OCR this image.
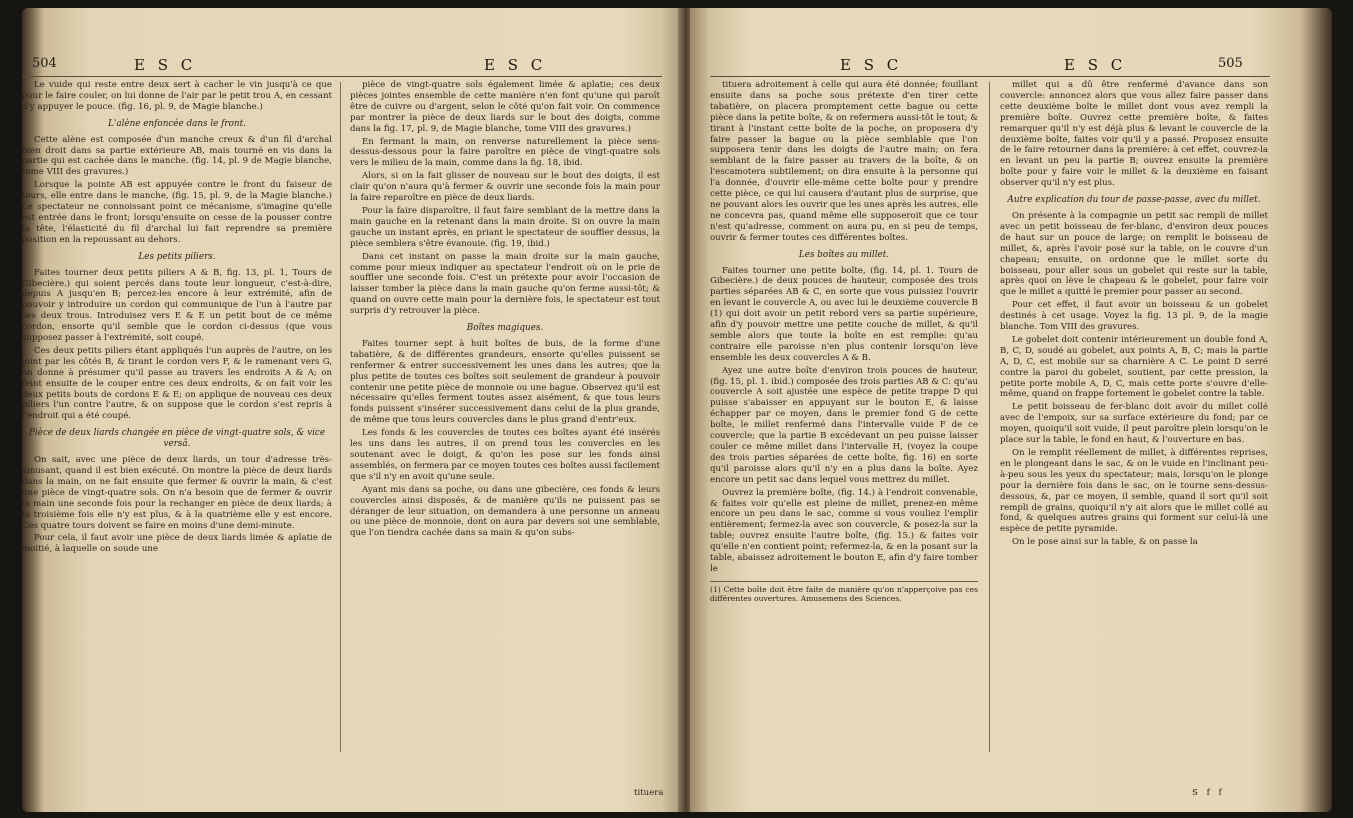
504	E S C	E S C

Le vuide qui reste entre deux sert à cacher le vin jusqu'à ce que pour le faire couler, on lui donne de l'air par le petit trou A, en cessant d'y appuyer le pouce. (fig. 16, pl. 9, de Magie blanche.)

L'alène enfoncée dans le front.

Cette alène est composée d'un manche creux & d'un fil d'archal bien droit dans sa partie extérieure AB, mais tourné en vis dans la partie qui est cachée dans le manche. (fig. 14, pl. 9 de Magie blanche, tome VIII des gravures.)

Lorsque la pointe AB est appuyée contre le front du faiseur de tours, elle entre dans le manche, (fig. 15, pl. 9, de la Magie blanche.) Le spectateur ne connoissant point ce mécanisme, s'imagine qu'elle est entrée dans le front; lorsqu'ensuite on cesse de la pousser contre la tête, l'élasticité du fil d'archal lui fait reprendre sa première position en la repoussant au dehors.

Les petits piliers.

Faites tourner deux petits piliers A & B, fig. 13, pl. 1, Tours de Gibecière.) qui soient percés dans toute leur longueur, c'est-à-dire, depuis A jusqu'en B; percez-les encore à leur extrémité, afin de pouvoir y introduire un cordon qui communique de l'un à l'autre par ses deux trous. Introduisez vers E & E un petit bout de ce même cordon, ensorte qu'il semble que le cordon ci-dessus (que vous supposez passer à l'extrémité, soit coupé.

Ces deux petits piliers étant appliqués l'un auprès de l'autre, on les joint par les côtés B, & tirant le cordon vers F, & le ramenant vers G, on donne à présumer qu'il passe au travers les endroits A & A; on feint ensuite de le couper entre ces deux endroits, & on fait voir les deux petits bouts de cordons E & E; on applique de nouveau ces deux piliers l'un contre l'autre, & on suppose que le cordon s'est repris à l'endroit qui a été coupé.

Pièce de deux liards changée en pièce de vingt-quatre sols, & vice versâ.

On sait, avec une pièce de deux liards, un tour d'adresse très-amusant, quand il est bien exécuté. On montre la pièce de deux liards dans la main, on ne fait ensuite que fermer & ouvrir la main, & c'est une pièce de vingt-quatre sols. On n'a besoin que de fermer & ouvrir la main une seconde fois pour la rechanger en pièce de deux liards; à la troisième fois elle n'y est plus, & à la quatrième elle y est encore. Ces quatre tours doivent se faire en moins d'une demi-minute.

Pour cela, il faut avoir une pièce de deux liards limée & aplatie de moitié, à laquelle on soude une

pièce de vingt-quatre sols également limée & aplatie; ces deux pièces jointes ensemble de cette manière n'en font qu'une qui paroît être de cuivre ou d'argent, selon le côté qu'on fait voir. On commence par montrer la pièce de deux liards sur le bout des doigts, comme dans la fig. 17, pl. 9, de Magie blanche, tome VIII des gravures.)

En fermant la main, on renverse naturellement la pièce sens-dessus-dessous pour la faire paroître en pièce de vingt-quatre sols vers le milieu de la main, comme dans la fig. 18, ibid.

Alors, si on la fait glisser de nouveau sur le bout des doigts, il est clair qu'on n'aura qu'à fermer & ouvrir une seconde fois la main pour la faire reparoître en pièce de deux liards.

Pour la faire disparoître, il faut faire semblant de la mettre dans la main gauche en la retenant dans la main droite. Si on ouvre la main gauche un instant après, en priant le spectateur de souffler dessus, la pièce semblera s'être évanouie. (fig. 19, ibid.)

Dans cet instant on passe la main droite sur la main gauche, comme pour mieux indiquer au spectateur l'endroit où on le prie de souffler une seconde fois. C'est un prétexte pour avoir l'occasion de laisser tomber la pièce dans la main gauche qu'on ferme aussi-tôt; & quand on ouvre cette main pour la dernière fois, le spectateur est tout surpris d'y retrouver la pièce.

Boîtes magiques.

Faites tourner sept à huit boîtes de buis, de la forme d'une tabatière, & de différentes grandeurs, ensorte qu'elles puissent se renfermer & entrer successivement les unes dans les autres; que la plus petite de toutes ces boîtes soit seulement de grandeur à pouvoir contenir une petite pièce de monnoie ou une bague. Observez qu'il est nécessaire qu'elles ferment toutes assez aisément, & que tous leurs fonds puissent s'insérer successivement dans celui de la plus grande, de même que tous leurs couvercles dans le plus grand d'entr'eux.

Les fonds & les couvercles de toutes ces boîtes ayant été insérés les uns dans les autres, il on prend tous les couvercles en les soutenant avec le doigt, & qu'on les pose sur les fonds ainsi assemblés, on fermera par ce moyen toutes ces boîtes aussi facilement que s'il n'y en avoit qu'une seule.

Ayant mis dans sa poche, ou dans une gibecière, ces fonds & leurs couvercles ainsi disposés, & de manière qu'ils ne puissent pas se déranger de leur situation, on demandera à une personne un anneau ou une pièce de monnoie, dont on aura par devers soi une semblable, que l'on tiendra cachée dans sa main & qu'on subs-

tituera
E S C	E S C	505

tituera adroitement à celle qui aura été donnée; fouillant ensuite dans sa poche sous prétexte d'en tirer cette tabatière, on placera promptement cette bague ou cette pièce dans la petite boîte, & on refermera aussi-tôt le tout; & tirant à l'instant cette boîte de la poche, on proposera d'y faire passer la bague ou la pièce semblable que l'on supposera tenir dans les doigts de l'autre main; on fera semblant de la faire passer au travers de la boîte, & on l'escamotera subtilement; on dira ensuite à la personne qui l'a donnée, d'ouvrir elle-même cette boîte pour y prendre cette pièce, ce qui lui causera d'autant plus de surprise, que ne pouvant alors les ouvrir que les unes après les autres, elle ne concevra pas, quand même elle supposeroit que ce tour n'est qu'adresse, comment on aura pu, en si peu de temps, ouvrir & fermer toutes ces différentes boîtes.

Les boîtes au millet.

Faites tourner une petite boîte, (fig. 14, pl. 1. Tours de Gibecière.) de deux pouces de hauteur, composée des trois parties séparées AB & C, en sorte que vous puissiez l'ouvrir en levant le couvercle A, ou avec lui le deuxième couvercle B (1) qui doit avoir un petit rebord vers sa partie supérieure, afin d'y pouvoir mettre une petite couche de millet, & qu'il semble alors que toute la boîte en est remplie: qu'au contraire elle paroisse n'en plus contenir lorsqu'on lève ensemble les deux couvercles A & B.

Ayez une autre boîte d'environ trois pouces de hauteur, (fig. 15, pl. 1. ibid.) composée des trois parties AB & C: qu'au couvercle A soit ajustée une espèce de petite trappe D qui puisse s'abaisser en appuyant sur le bouton E, & laisse échapper par ce moyen, dans le premier fond G de cette boîte, le millet renfermé dans l'intervalle vuide F de ce couvercle; que la partie B excédevant un peu puisse laisser couler ce même millet dans l'intervalle H, (voyez la coupe des trois parties séparées de cette boîte, fig. 16) en sorte qu'il paroisse alors qu'il n'y en a plus dans la boîte. Ayez encore un petit sac dans lequel vous mettrez du millet.

Ouvrez la première boîte, (fig. 14.) à l'endroit convenable, & faites voir qu'elle est pleine de millet, prenez-en même encore un peu dans le sac, comme si vous vouliez l'emplir entièrement; fermez-la avec son couvercle, & posez-la sur la table; ouvrez ensuite l'autre boîte, (fig. 15.) & faites voir qu'elle n'en contient point; refermez-la, & en la posant sur la table, abaissez adroitement le bouton E, afin d'y faire tomber le

(1) Cette boîte doit être faite de manière qu'on n'apperçoive pas ces différentes ouvertures. Amusemens des Sciences.

millet qui a dû être renfermé d'avance dans son couvercle: annoncez alors que vous allez faire passer dans cette deuxième boîte le millet dont vous avez rempli la première boîte. Ouvrez cette première boîte, & faites remarquer qu'il n'y est déjà plus & levant le couvercle de la deuxième boîte, faites voir qu'il y a passé. Proposez ensuite de le faire retourner dans la première: à cet effet, couvrez-la en levant un peu la partie B; ouvrez ensuite la première boîte pour y faire voir le millet & la deuxième en faisant observer qu'il n'y est plus.

Autre explication du tour de passe-passe, avec du millet.

On présente à la compagnie un petit sac rempli de millet avec un petit boisseau de fer-blanc, d'environ deux pouces de haut sur un pouce de large; on remplit le boisseau de millet, &, après l'avoir posé sur la table, on le couvre d'un chapeau; ensuite, on ordonne que le millet sorte du boisseau, pour aller sous un gobelet qui reste sur la table, après quoi on lève le chapeau & le gobelet, pour faire voir que le millet a quitté le premier pour passer au second.

Pour cet effet, il faut avoir un boisseau & un gobelet destinés à cet usage. Voyez la fig. 13 pl. 9, de la magie blanche. Tom VIII des gravures.

Le gobelet doit contenir intérieurement un double fond A, B, C, D, soudé au gobelet, aux points A, B, C; mais la partie A, D, C, est mobile sur sa charnière A C. Le point D serré contre la paroi du gobelet, soutient, par cette pression, la petite porte mobile A, D, C, mais cette porte s'ouvre d'elle-même, quand on frappe fortement le gobelet contre la table.

Le petit boisseau de fer-blanc doit avoir du millet collé avec de l'empoix, sur sa surface extérieure du fond; par ce moyen, quoiqu'il soit vuide, il peut paroître plein lorsqu'on le place sur la table, le fond en haut, & l'ouverture en bas.

On le remplit réellement de millet, à différentes reprises, en le plongeant dans le sac, & on le vuide en l'inclinant peu-à-peu sous les yeux du spectateur; mais, lorsqu'on le plonge pour la dernière fois dans le sac, on le tourne sens-dessus-dessous, &, par ce moyen, il semble, quand il sort qu'il soit rempli de grains, quoiqu'il n'y ait alors que le millet collé au fond, & quelques autres grains qui forment sur celui-là une espèce de petite pyramide.

On le pose ainsi sur la table, & on passe la

S f f
